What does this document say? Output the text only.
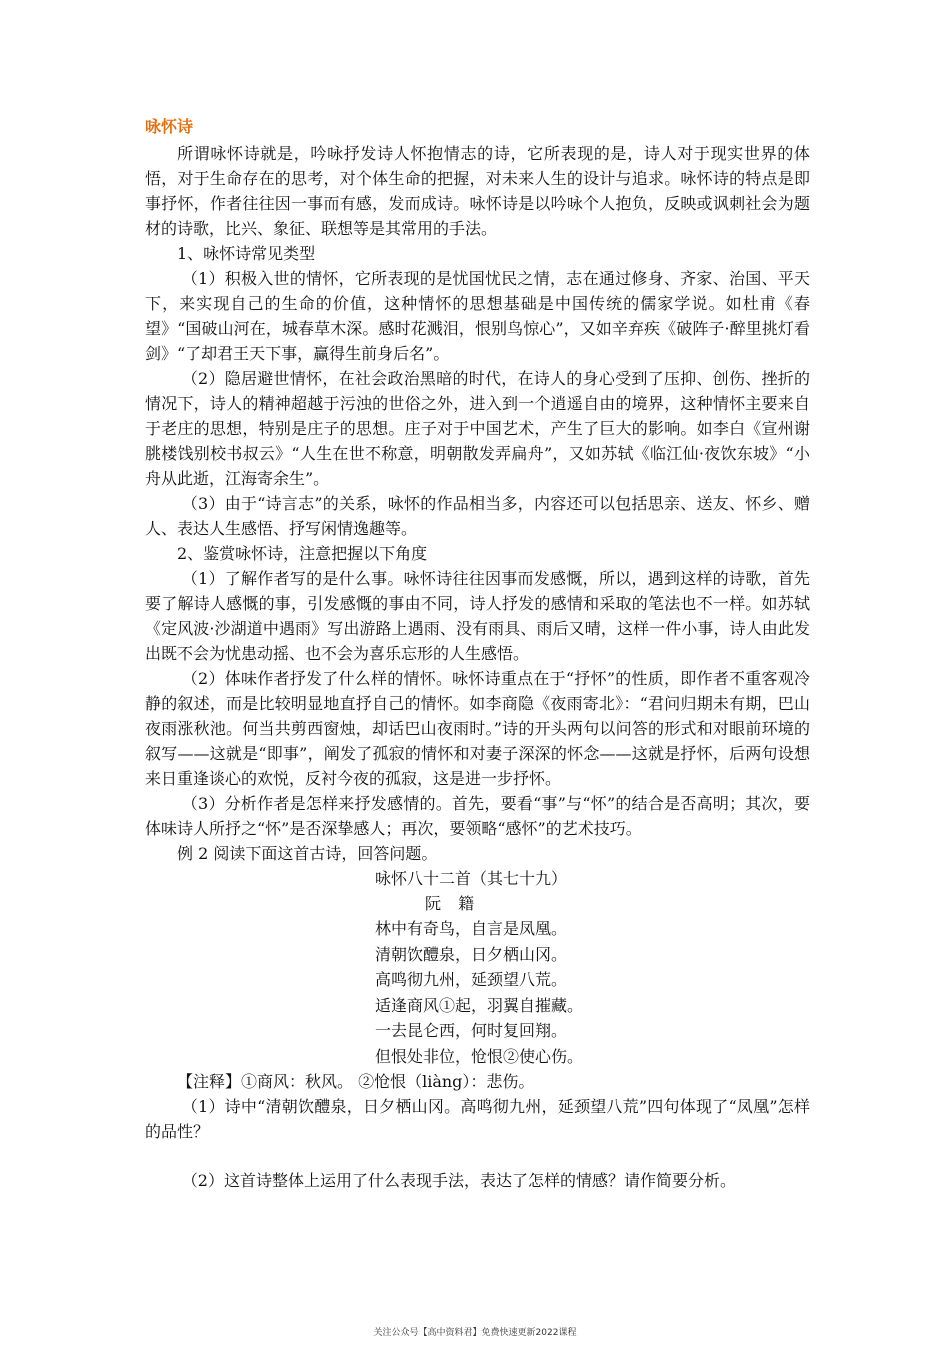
咏怀诗

所谓咏怀诗就是，吟咏抒发诗人怀抱情志的诗，它所表现的是，诗人对于现实世界的体悟，对于生命存在的思考，对个体生命的把握，对未来人生的设计与追求。咏怀诗的特点是即事抒怀，作者往往因一事而有感，发而成诗。咏怀诗是以吟咏个人抱负，反映或讽刺社会为题材的诗歌，比兴、象征、联想等是其常用的手法。

1、咏怀诗常见类型

（1）积极入世的情怀，它所表现的是忧国忧民之情，志在通过修身、齐家、治国、平天下，来实现自己的生命的价值，这种情怀的思想基础是中国传统的儒家学说。如杜甫《春望》“国破山河在，城春草木深。感时花溅泪，恨别鸟惊心”，又如辛弃疾《破阵子·醉里挑灯看剑》“了却君王天下事，赢得生前身后名”。

（2）隐居避世情怀，在社会政治黑暗的时代，在诗人的身心受到了压抑、创伤、挫折的情况下，诗人的精神超越于污浊的世俗之外，进入到一个逍遥自由的境界，这种情怀主要来自于老庄的思想，特别是庄子的思想。庄子对于中国艺术，产生了巨大的影响。如李白《宣州谢朓楼饯别校书叔云》“人生在世不称意，明朝散发弄扁舟”，又如苏轼《临江仙·夜饮东坡》“小舟从此逝，江海寄余生”。

（3）由于“诗言志”的关系，咏怀的作品相当多，内容还可以包括思亲、送友、怀乡、赠人、表达人生感悟、抒写闲情逸趣等。

2、鉴赏咏怀诗，注意把握以下角度

（1）了解作者写的是什么事。咏怀诗往往因事而发感慨，所以，遇到这样的诗歌，首先要了解诗人感慨的事，引发感慨的事由不同，诗人抒发的感情和采取的笔法也不一样。如苏轼《定风波·沙湖道中遇雨》写出游路上遇雨、没有雨具、雨后又晴，这样一件小事，诗人由此发出既不会为忧患动摇、也不会为喜乐忘形的人生感悟。

（2）体味作者抒发了什么样的情怀。咏怀诗重点在于“抒怀”的性质，即作者不重客观冷静的叙述，而是比较明显地直抒自己的情怀。如李商隐《夜雨寄北》：“君问归期未有期，巴山夜雨涨秋池。何当共剪西窗烛，却话巴山夜雨时。”诗的开头两句以问答的形式和对眼前环境的叙写——这就是“即事”，阐发了孤寂的情怀和对妻子深深的怀念——这就是抒怀，后两句设想来日重逢谈心的欢悦，反衬今夜的孤寂，这是进一步抒怀。

（3）分析作者是怎样来抒发感情的。首先，要看“事”与“怀”的结合是否高明；其次，要体味诗人所抒之“怀”是否深挚感人；再次，要领略“感怀”的艺术技巧。

例 2 阅读下面这首古诗，回答问题。

咏怀八十二首（其七十九）
阮 籍
林中有奇鸟，自言是凤凰。
清朝饮醴泉，日夕栖山冈。
高鸣彻九州，延颈望八荒。
适逢商风①起，羽翼自摧藏。
一去昆仑西，何时复回翔。
但恨处非位，怆恨②使心伤。

【注释】①商风：秋风。 ②怆恨（liàng）：悲伤。

（1）诗中“清朝饮醴泉，日夕栖山冈。高鸣彻九州，延颈望八荒”四句体现了“凤凰”怎样的品性？

（2）这首诗整体上运用了什么表现手法，表达了怎样的情感？请作简要分析。

关注公众号【高中资料君】免费快速更新2022课程
